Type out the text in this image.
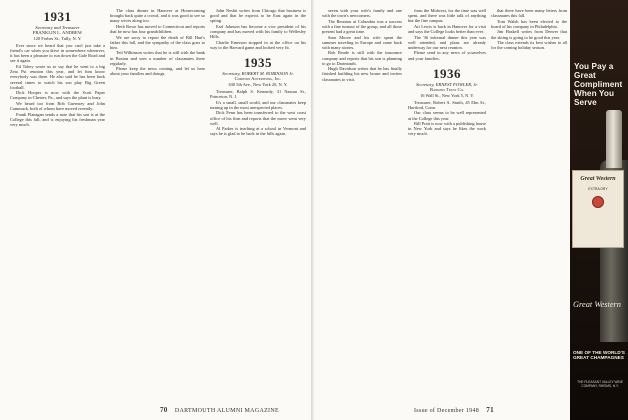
1931
Secretary and Treasurer
FRANKLIN L. ANDREW
120 Forbes St., Tully, N. Y.

Ever since we heard that you can't just take a friend's car when you drive in somewhere whenever, it has been a pleasure to run down the Gale Road and see it again.

Ed Tobey wrote us to say that he went to a big Zeta Psi reunion this year, and let him know everybody was there. He also said he has been back several times to watch his son play Big Green football.

Dick Hooper is now with the Scott Paper Company in Chester, Pa., and says the plant is busy.

We heard too from Bob Guernsey and John Cammack, both of whom have moved recently.

Frank Flanagan sends a note that his son is at the College this fall, and is enjoying his freshman year very much.

The class dinner in Hanover at Homecoming brought back quite a crowd, and it was good to see so many wives along too.

Herb Rowe has moved to Connecticut and reports that he now has four grandchildren.

We are sorry to report the death of Bill Hart's father this fall, and the sympathy of the class goes to him.

Ted Wilkinson writes that he is still with the bank in Boston and sees a number of classmates there regularly.

Please keep the news coming, and let us hear about your families and doings.

John Nesbit writes from Chicago that business is good and that he expects to be East again in the spring.

Earl Johnson has become a vice president of his company and has moved with his family to Wellesley Hills.

Charlie Emerson stopped in at the office on his way to the Harvard game and looked very fit.

1935
Secretary, ROBERT M. ROBINSON Jr.
Compton Advertising, Inc.
630 5th Ave., New York 20, N. Y.

Treasurer, Ralph S. Kennedy, 31 Nassau St., Princeton, N. J.

It's a small, small world, and our classmates keep turning up in the most unexpected places.

Dick Fenn has been transferred to the west coast office of his firm and reports that the move went very well.

Al Parker is teaching at a school in Vermont and says he is glad to be back in the hills again.

70 DARTMOUTH ALUMNI MAGAZINE

seven with your wife's family and one with the town's newcomers.

The Reunion at Columbia was a success with a fine turnout of the group, and all those present had a great time.

Stan Moore and his wife spent the summer traveling in Europe and came back with many stories.

Bob Reade is still with the insurance company and reports that his son is planning to go to Dartmouth.

Hugh Davidson writes that he has finally finished building his new house and invites classmates to visit.

from the Midwest, for the time was well spent, and there was little talk of anything but the fine campus.

Art Lewis is back in Hanover for a visit and says the College looks better than ever.

The '36 informal dinner this year was well attended, and plans are already underway for our next reunion.

Please send in any news of yourselves and your families.

1936
Secretary, ERNEST FOWLER, Jr.
Bankers Trust Co.
16 Wall St., New York 5, N. Y.

Treasurer, Robert A. Smith, 45 Elm St., Hartford, Conn.

Our class seems to be well represented at the College this year.

Bill Pratt is now with a publishing house in New York and says he likes the work very much.

that there have been many letters from classmates this fall.

Tom Walsh has been elected to the board of his company in Philadelphia.

Jim Haskell writes from Denver that the skiing is going to be good this year.

The class extends its best wishes to all for the coming holiday season.

Issue of December 1948 71
You Pay a Great Compliment When You Serve
Great Western
EXTRA DRY
Great Western
ONE OF THE WORLD'S GREAT CHAMPAGNES
THE PLEASANT VALLEY WINE COMPANY, RHEIMS, N.Y.
